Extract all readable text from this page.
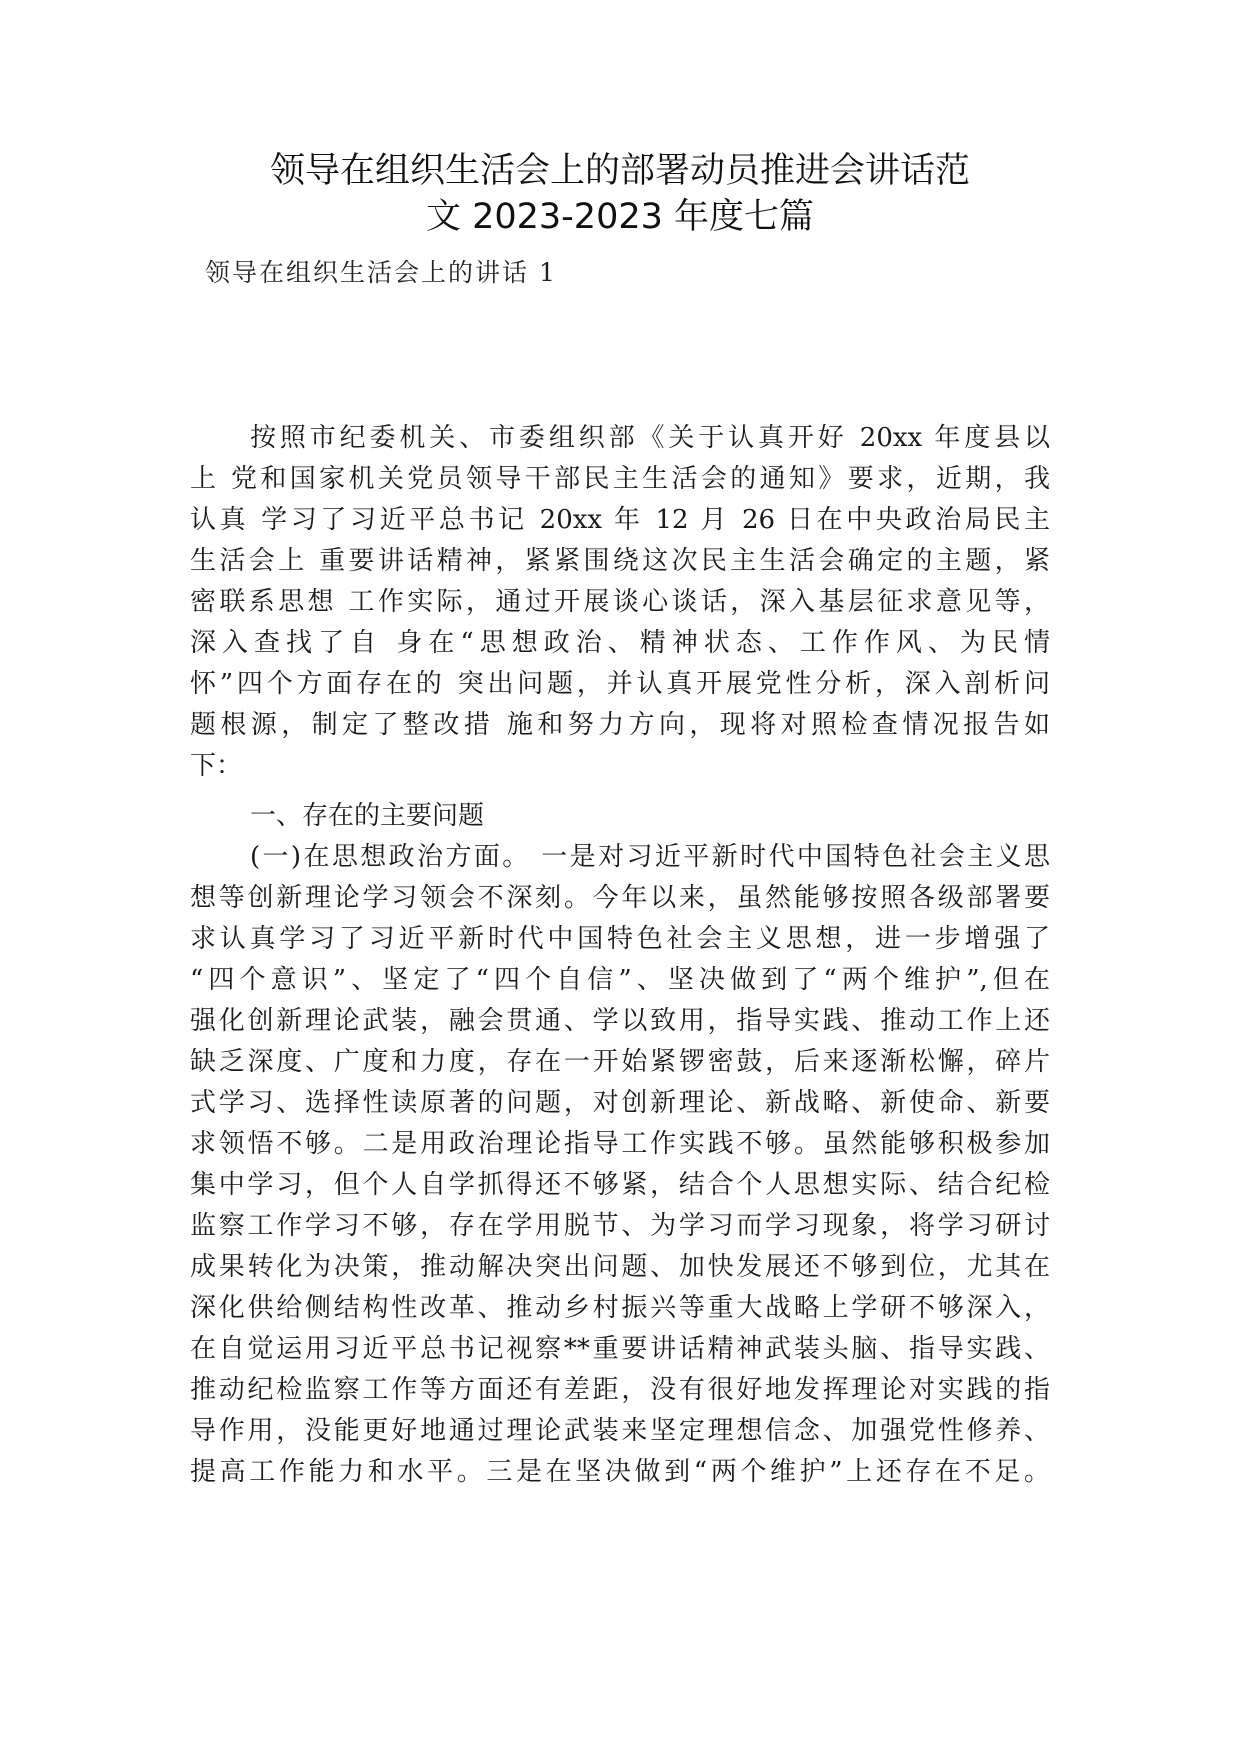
领导在组织生活会上的部署动员推进会讲话范
文 2023-2023 年度七篇

领导在组织生活会上的讲话 1

按照市纪委机关、市委组织部《关于认真开好 20xx 年度县以
上 党和国家机关党员领导干部民主生活会的通知》要求，近期，我
认真 学习了习近平总书记 20xx 年 12 月 26 日在中央政治局民主
生活会上 重要讲话精神，紧紧围绕这次民主生活会确定的主题，紧
密联系思想 工作实际，通过开展谈心谈话，深入基层征求意见等，
深入查找了自 身在“思想政治、精神状态、工作作风、为民情
怀”四个方面存在的 突出问题，并认真开展党性分析，深入剖析问
题根源，制定了整改措 施和努力方向，现将对照检查情况报告如
下：
一、存在的主要问题
(一)在思想政治方面。 一是对习近平新时代中国特色社会主义思
想等创新理论学习领会不深刻。今年以来，虽然能够按照各级部署要
求认真学习了习近平新时代中国特色社会主义思想，进一步增强了
“四个意识”、坚定了“四个自信”、坚决做到了“两个维护”,但在
强化创新理论武装，融会贯通、学以致用，指导实践、推动工作上还
缺乏深度、广度和力度，存在一开始紧锣密鼓，后来逐渐松懈，碎片
式学习、选择性读原著的问题，对创新理论、新战略、新使命、新要
求领悟不够。二是用政治理论指导工作实践不够。虽然能够积极参加
集中学习，但个人自学抓得还不够紧，结合个人思想实际、结合纪检
监察工作学习不够，存在学用脱节、为学习而学习现象，将学习研讨
成果转化为决策，推动解决突出问题、加快发展还不够到位，尤其在
深化供给侧结构性改革、推动乡村振兴等重大战略上学研不够深入，
在自觉运用习近平总书记视察**重要讲话精神武装头脑、指导实践、
推动纪检监察工作等方面还有差距，没有很好地发挥理论对实践的指
导作用，没能更好地通过理论武装来坚定理想信念、加强党性修养、
提高工作能力和水平。三是在坚决做到“两个维护”上还存在不足。
